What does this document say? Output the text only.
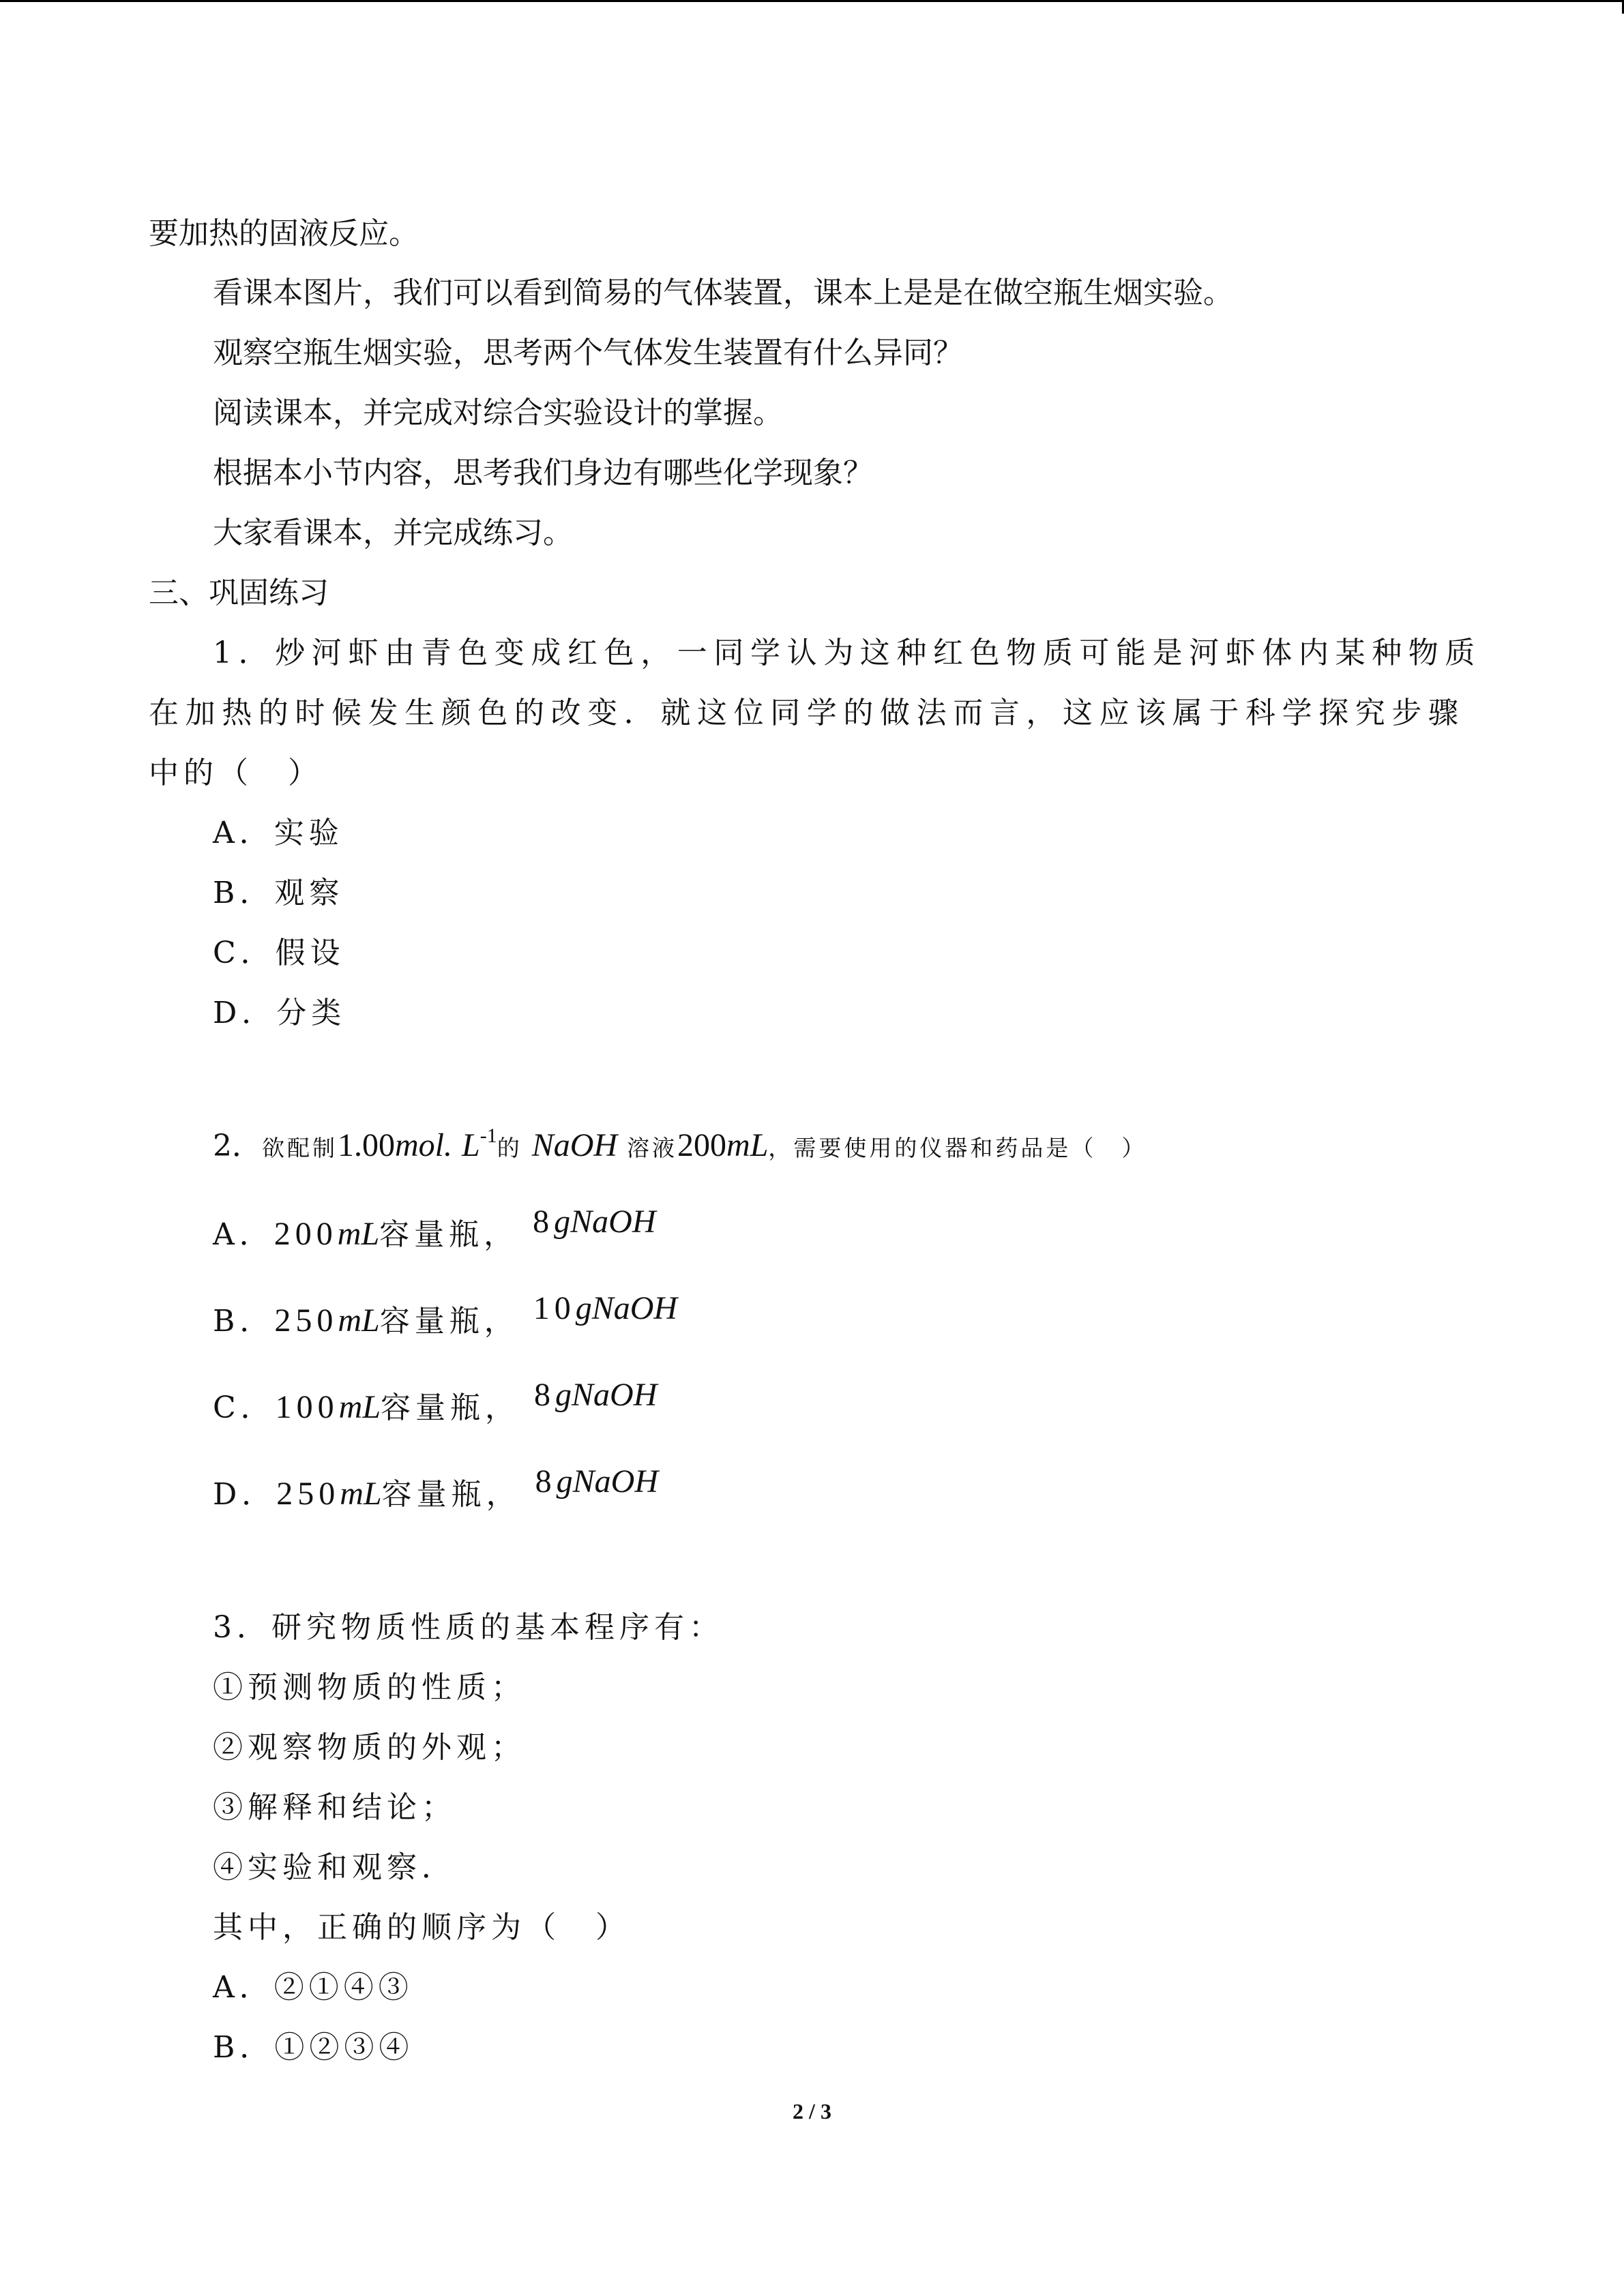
要加热的固液反应。
看课本图片，我们可以看到简易的气体装置，课本上是是在做空瓶生烟实验。
观察空瓶生烟实验，思考两个气体发生装置有什么异同？
阅读课本，并完成对综合实验设计的掌握。
根据本小节内容，思考我们身边有哪些化学现象？
大家看课本，并完成练习。
三、巩固练习
1．炒河虾由青色变成红色，一同学认为这种红色物质可能是河虾体内某种物质
在加热的时候发生颜色的改变．就这位同学的做法而言，这应该属于科学探究步骤
中的（　）
A．实验
B．观察
C．假设
D．分类
2．欲配制1.00mol. $L^{-1}$的 NaOH 溶液200mL，需要使用的仪器和药品是（　）
A．200mL容量瓶， 8gNaOH
B．250mL容量瓶， 10gNaOH
C．100mL容量瓶， 8gNaOH
D．250mL容量瓶， 8gNaOH
3．研究物质性质的基本程序有：
①预测物质的性质；
②观察物质的外观；
③解释和结论；
④实验和观察．
其中，正确的顺序为（　）
A．②①④③
B．①②③④
2 / 3
